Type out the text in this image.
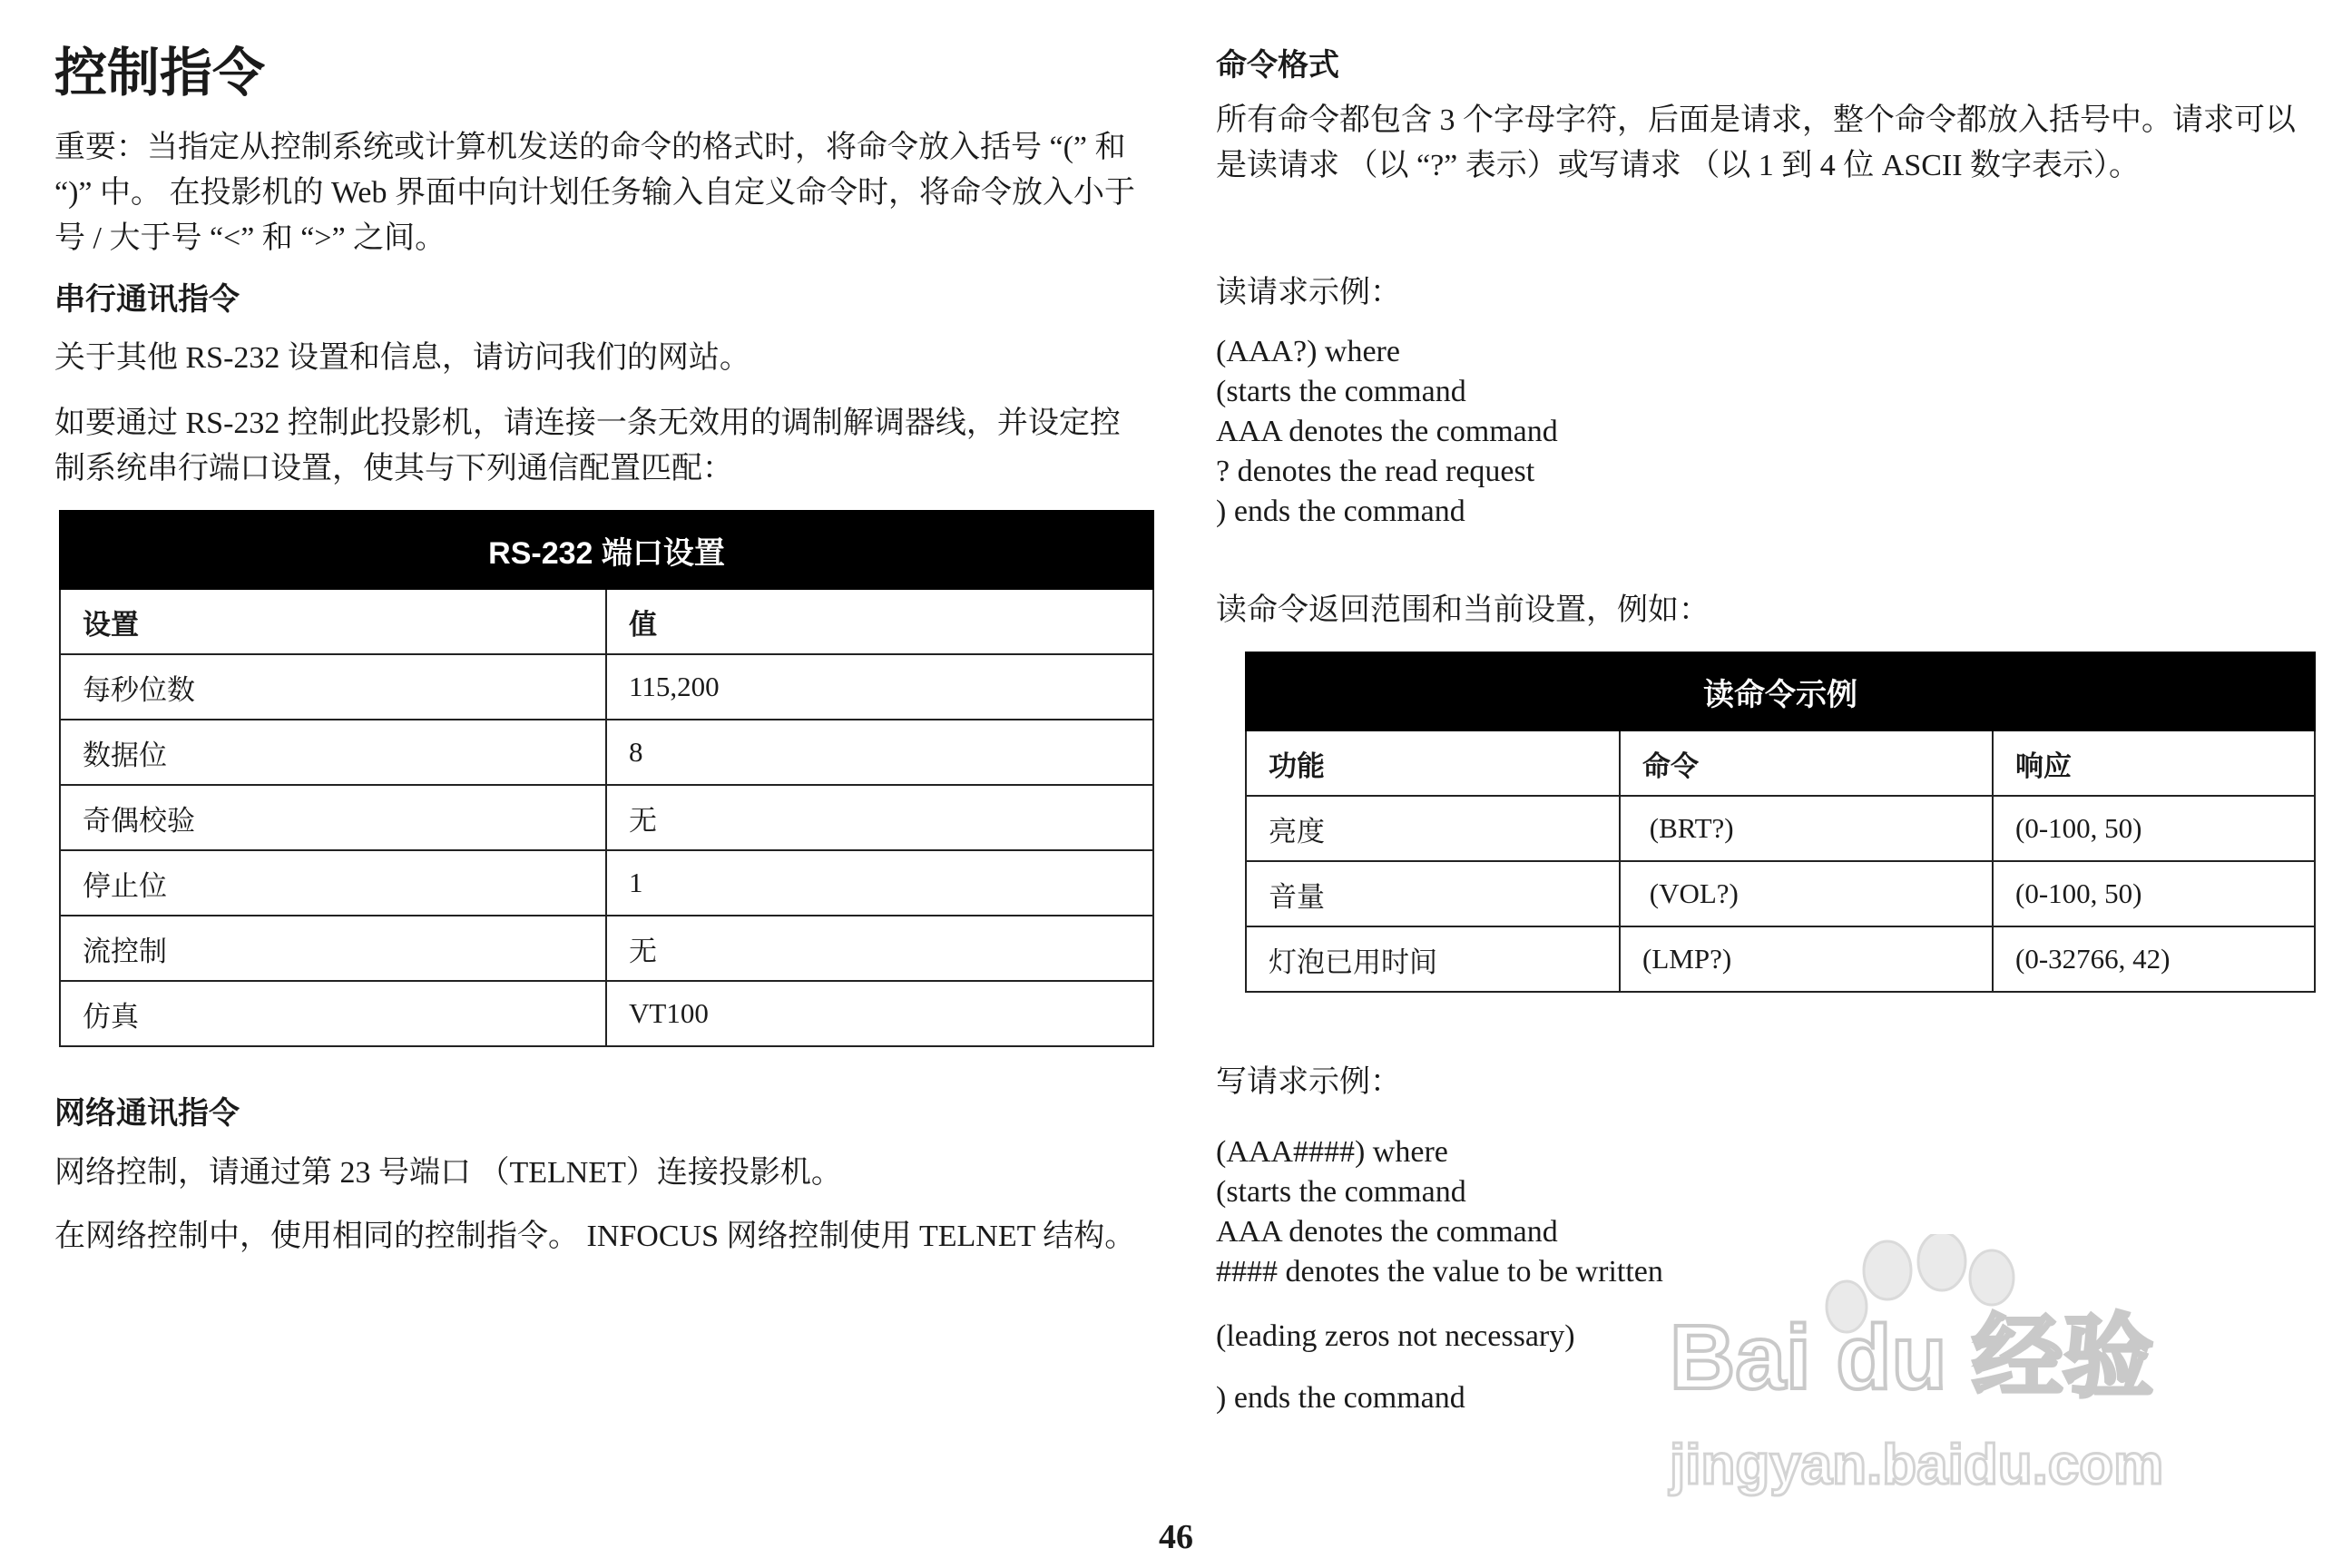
控制指令

重要：当指定从控制系统或计算机发送的命令的格式时，将命令放入括号 “(” 和 “)” 中。 在投影机的 Web 界面中向计划任务输入自定义命令时，将命令放入小于号 / 大于号 “<” 和 “>” 之间。

串行通讯指令

关于其他 RS-232 设置和信息，请访问我们的网站。

如要通过 RS-232 控制此投影机，请连接一条无效用的调制解调器线，并设定控制系统串行端口设置，使其与下列通信配置匹配：

RS-232 端口设置	
设置	值
每秒位数	115,200
数据位	8
奇偶校验	无
停止位	1
流控制	无
仿真	VT100
网络通讯指令

网络控制，请通过第 23 号端口 （TELNET）连接投影机。

在网络控制中，使用相同的控制指令。 INFOCUS 网络控制使用 TELNET 结构。

命令格式

所有命令都包含 3 个字母字符，后面是请求，整个命令都放入括号中。请求可以是读请求 （以 “?” 表示）或写请求 （以 1 到 4 位 ASCII 数字表示）。

读请求示例：

(AAA?) where
(starts the command
AAA denotes the command
? denotes the read request
) ends the command

读命令返回范围和当前设置，例如：

读命令示例		
功能	命令	响应
亮度	(BRT?)	(0-100, 50)
音量	(VOL?)	(0-100, 50)
灯泡已用时间	(LMP?)	(0-32766, 42)

写请求示例：

(AAA####) where
(starts the command
AAA denotes the command
#### denotes the value to be written

(leading zeros not necessary)

) ends the command Bai du 经验
jingyan.baidu.com
46
